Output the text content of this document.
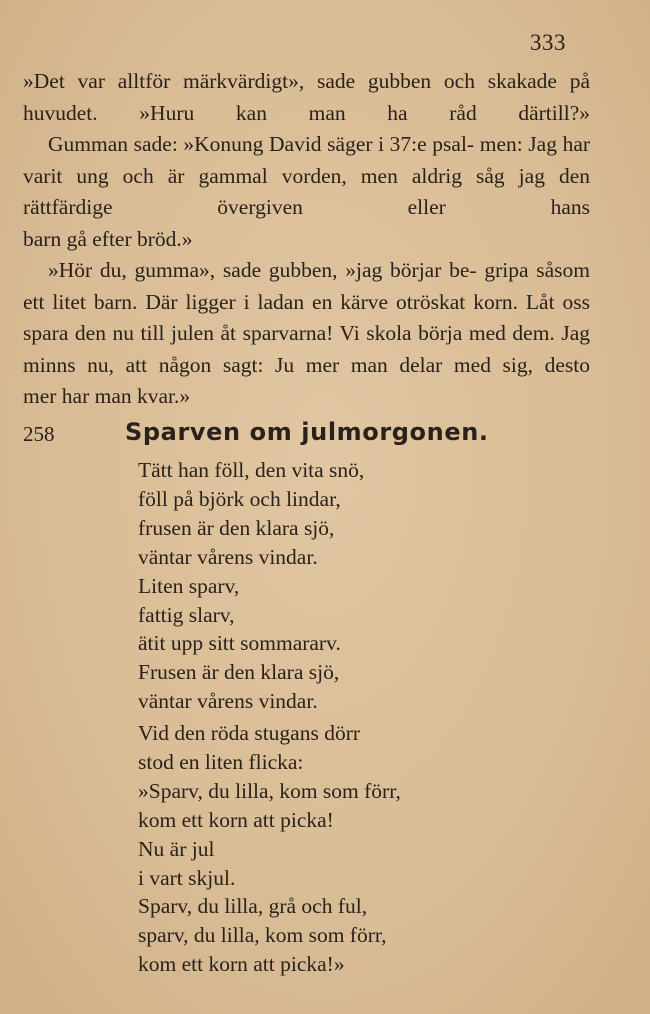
333

»Det var alltför märkvärdigt», sade gubben och skakade på huvudet. »Huru kan man ha råd därtill?»

Gumman sade: »Konung David säger i 37:e psal- men: Jag har varit ung och är gammal vorden, men aldrig såg jag den rättfärdige övergiven eller hans

barn gå efter bröd.»

»Hör du, gumma», sade gubben, »jag börjar be- gripa såsom ett litet barn. Där ligger i ladan en kärve otröskat korn. Låt oss spara den nu till julen åt sparvarna! Vi skola börja med dem. Jag minns nu, att någon sagt: Ju mer man delar med sig, desto

mer har man kvar.»

258	Sparven om julmorgonen.
Tätt han föll, den vita snö,
föll på björk och lindar,
frusen är den klara sjö,
väntar vårens vindar.
Liten sparv,
fattig slarv,
ätit upp sitt sommararv.
Frusen är den klara sjö,
väntar vårens vindar.
Vid den röda stugans dörr
stod en liten flicka:
»Sparv, du lilla, kom som förr,
kom ett korn att picka!
Nu är jul
i vart skjul.
Sparv, du lilla, grå och ful,
sparv, du lilla, kom som förr,
kom ett korn att picka!»
